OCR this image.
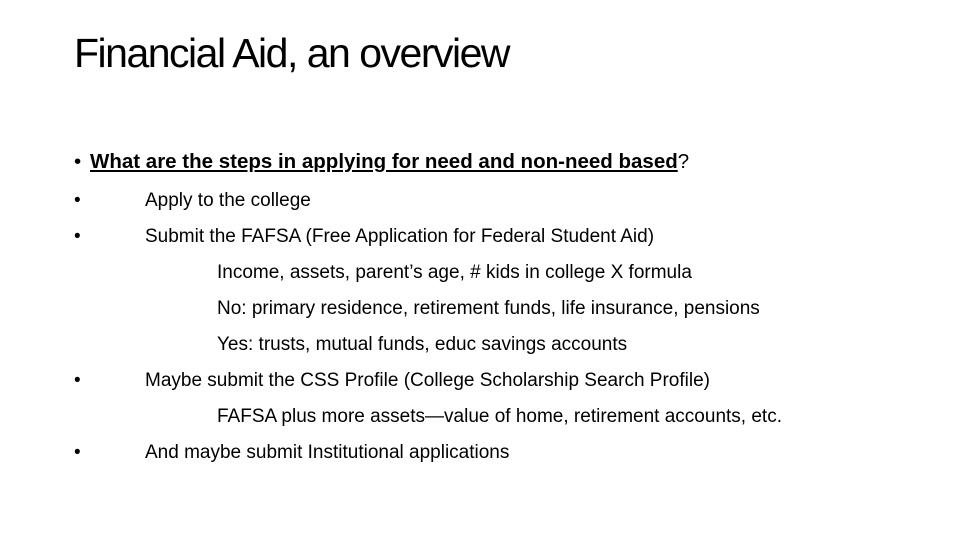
Financial Aid, an overview
• What are the steps in applying for need and non-need based?
•	Apply to the college
•	Submit the FAFSA (Free Application for Federal Student Aid)
Income, assets, parent’s age, # kids in college X formula
No: primary residence, retirement funds, life insurance, pensions
Yes: trusts, mutual funds, educ savings accounts
•	Maybe submit the CSS Profile (College Scholarship Search Profile)
FAFSA plus more assets—value of home, retirement accounts, etc.
•	And maybe submit Institutional applications
